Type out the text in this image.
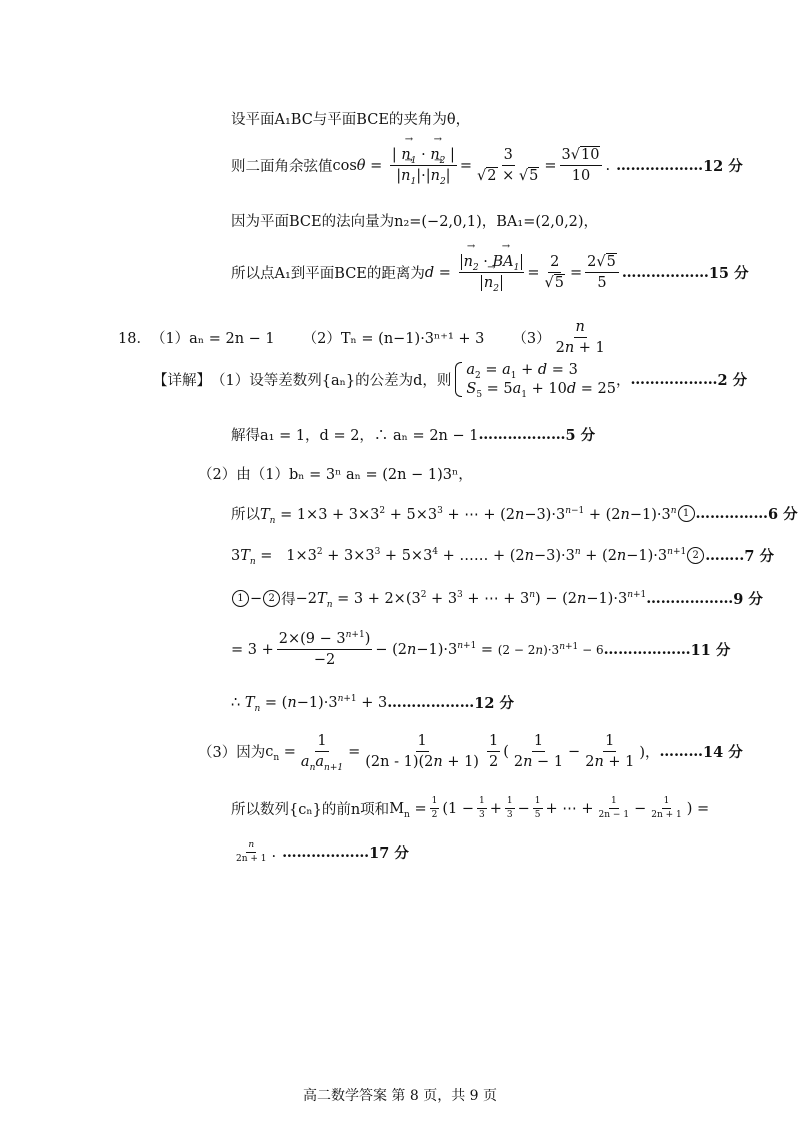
设平面A₁BC与平面BCE的夹角为θ，
则二面角余弦值 $\cos \theta = \frac{| \to n_1 \cdot \to n_2 |}{|\to n_1|\cdot|\to n_2|} = \frac{3}{√2 \times √5} = \frac{3√10}{10}$ . ……………… 12 分
因为平面BCE的法向量为n₂=(−2,0,1)，BA₁=(2,0,2)，
所以点A₁到平面BCE的距离为 d =
→ $n_2$ · → $BA_1$
→ $n_2 = \frac{2}{√5} = \frac{2√5}{5}$ ……………… 15 分
18． （1）aₙ = 2n − 1 （2）Tₙ = (n−1)·3ⁿ⁺¹ + 3 $(3) \frac{n}{2n + 1}$
【详解】 （1）设等差数列{aₙ}的公差为d，则
$a_2 = a_1 + d = 3$
$S_5 = 5a_1 + 10d = 25$ ， ……………… 2 分
解得a₁ = 1，d = 2，∴ aₙ = 2n − 1 ……………… 5 分
（2）由（1）bₙ = 3ⁿ aₙ = (2n − 1)3ⁿ，
所以$T_n = 1\times 3 + 3\times 3^2 + 5\times 3^3$ + ⋯ + $(2n-3)\cdot 3^{n-1} + (2n-1)\cdot 3^n$ 1 …………… 6 分
$3T_n = 1\times 3^2 + 3\times 3^3 + 5\times 3^4$ + …… + $(2n-3)\cdot 3^n + (2n-1)\cdot 3^{n+1}$ 2 …….. 7 分
1 − 2 得 $-2T_n = 3 + 2\times(3^2 + 3^3$ + ⋯ + $3^n) - (2n-1)\cdot 3^{n+1}$ ……………… 9 分
= $3 + \frac{2\times(9 - 3^{n+1})}{-2} - (2n-1)\cdot 3^{n+1} = (2 - 2n)\cdot 3^{n+1} - 6$ ……………… 11 分
∴ $T_n = (n-1)\cdot 3^{n+1} + 3$ ……………… 12 分
（3）因为 $c_n = \frac{1}{a_na_{n+1}} = \frac{1}{(2n - 1)(2n + 1)} \frac{1}{2}$ ( $\frac{1}{2n - 1} - \frac{1}{2n + 1}$ )， ……… 14 分
所以数列{cₙ}的前n项和 $M_n = \frac{1}{2} (1 - \frac{1}{3} + \frac{1}{3} - \frac{1}{5}$ + ⋯ + $\frac{1}{2n - 1} - \frac{1}{2n + 1}$ ) =
$\frac{n}{2n + 1}$ . ……………… 17 分
高二数学答案 第 8 页，共 9 页
